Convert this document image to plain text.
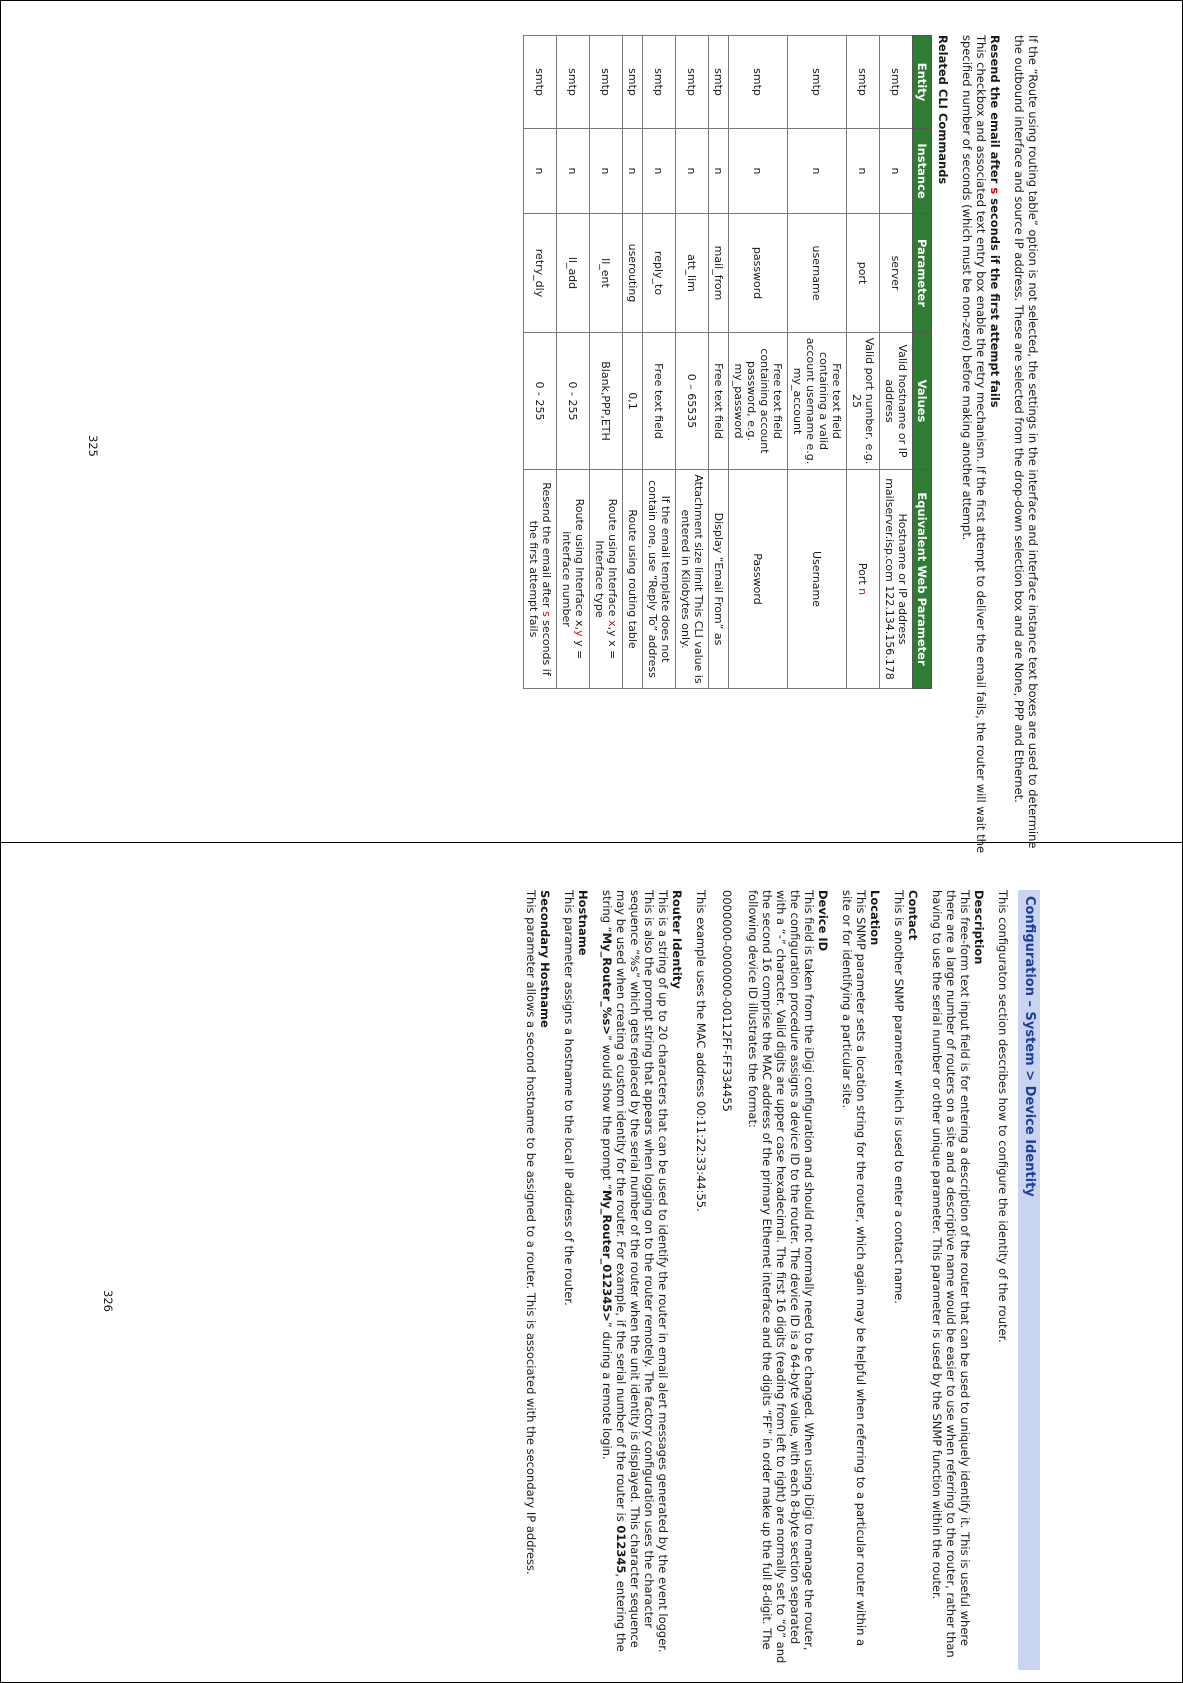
If the “Route using routing table” option is not selected, the settings in the interface and interface instance text boxes are used to determine the outbound interface and source IP address. These are selected from the drop-down selection box and are None, PPP and Ethernet.

Resend the email after s seconds if the first attempt fails

This checkbox and associated text entry box enable the retry mechanism. If the first attempt to deliver the email fails, the router will wait the specified number of seconds (which must be non-zero) before making another attempt.

Related CLI Commands
Entity	Instance	Parameter	Values	Equivalent Web Parameter
smtp	n	server	Valid hostname or IP address	Hostname or IP address mailserver.isp.com 122.134.156.178
smtp	n	port	Valid port number, e.g. 25	Port n
smtp	n	username	Free text field containing a valid account username e.g. my_account	Username
smtp	n	password	Free text field containing account password, e.g. my_password	Password
smtp	n	mail_from	Free text field	Display “Email From” as
smtp	n	att_lim	0 – 65535	Attachment size limit This CLI value is entered in Kilobytes only.
smtp	n	reply_to	Free text field	If the email template does not contain one, use “Reply To” address
smtp	n	userouting	0,1	Route using routing table
smtp	n	ll_ent	Blank,PPP,ETH	Route using Interface x,y x = Interface type
smtp	n	ll_add	0 - 255	Route using Interface x,y y = interface number
smtp	n	retry_dly	0 - 255	Resend the email after s seconds if the first attempt fails
325
Configuration – System > Device Identity

This configuraton section describes how to configure the identity of the router.

Description

This free-form text input field is for entering a description of the router that can be used to uniquely identify it. This is useful where there are a large number of routers on a site and a descriptive name would be easier to use when referring to the router, rather than having to use the serial number or other unique parameter. This parameter is used by the SNMP function within the router.

Contact

This is another SNMP parameter which is used to enter a contact name.

Location

This SNMP parameter sets a location string for the router, which again may be helpful when referring to a particular router within a site or for identifying a particular site.

Device ID

This field is taken from the iDigi configuration and should not normally need to be changed. When using iDigi to manage the router, the configuration procedure assigns a device ID to the router. The device ID is a 64-byte value, with each 8-byte section separated with a “-” character. Valid digits are upper case hexadecimal. The first 16 digits (reading from left to right) are normally set to “0” and the second 16 comprise the MAC address of the primary Ethernet interface and the digits “FF” in order make up the full 8-digit. The following device ID illustrates the format:

0000000-0000000-00112FF-FF334455

This example uses the MAC address 00:11:22:33:44:55.

Router Identity

This is a string of up to 20 characters that can be used to identify the router in email alert messages generated by the event logger. This is also the prompt string that appears when logging on to the router remotely. The factory configuration uses the character sequence “%s” which gets replaced by the serial number of the router when the unit identity is displayed. This character sequence may be used when creating a custom identity for the router. For example, if the serial number of the router is 012345, entering the string “My_Router_%s>” would show the prompt “My_Router_012345>” during a remote login.

Hostname

This parameter assigns a hostname to the local IP address of the router.

Secondary Hostname

This parameter allows a second hostname to be assigned to a router. This is associated with the secondary IP address.

326
